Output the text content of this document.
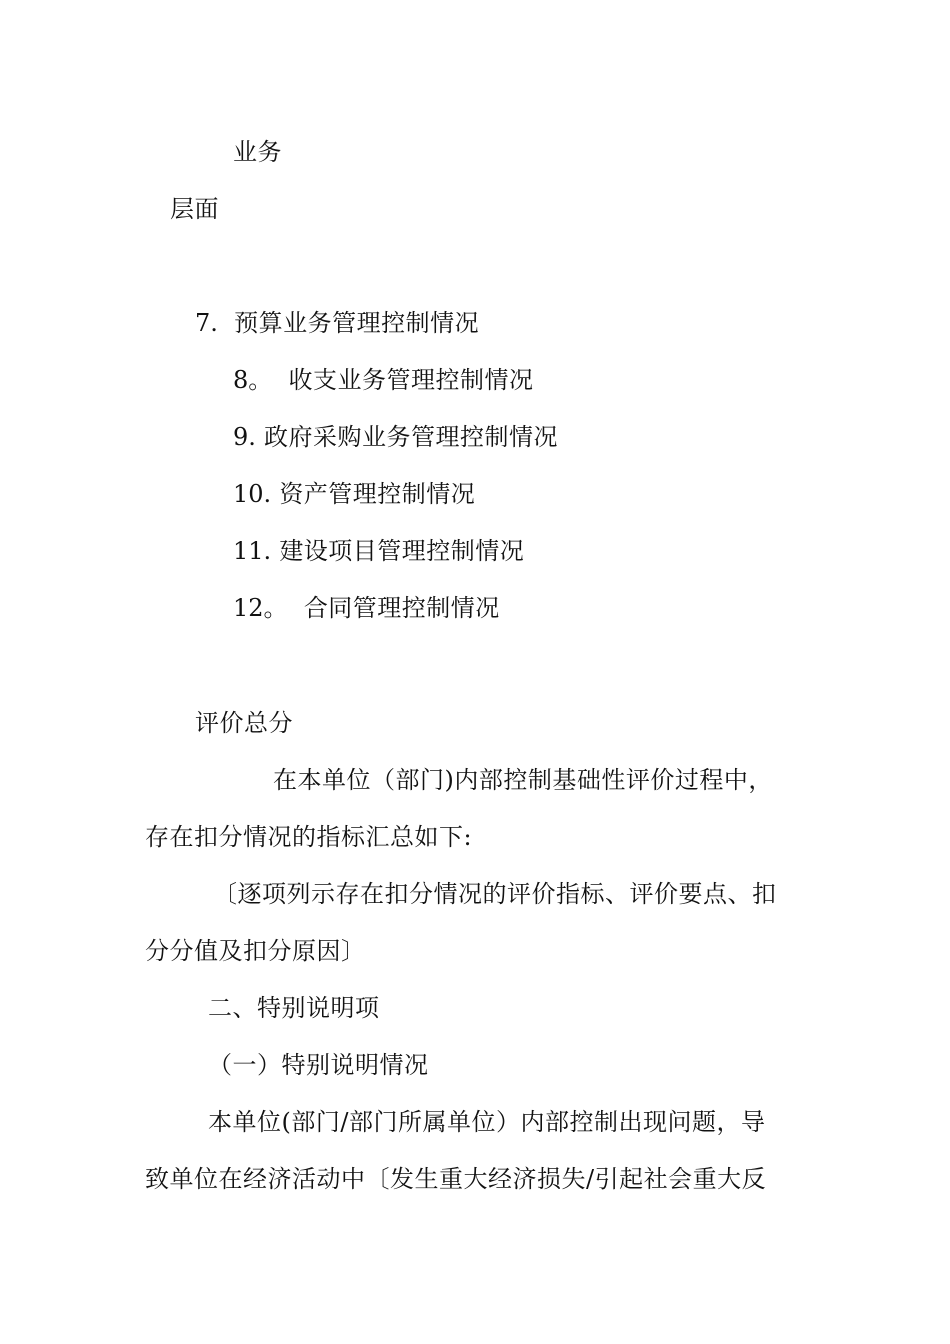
业务
层面
7. 预算业务管理控制情况
8。 收支业务管理控制情况
9. 政府采购业务管理控制情况
10. 资产管理控制情况
11. 建设项目管理控制情况
12。 合同管理控制情况
评价总分
在本单位（部门)内部控制基础性评价过程中，
存在扣分情况的指标汇总如下:
〔逐项列示存在扣分情况的评价指标、评价要点、扣
分分值及扣分原因〕
二、特别说明项
（一）特别说明情况
本单位(部门/部门所属单位）内部控制出现问题，导
致单位在经济活动中〔发生重大经济损失/引起社会重大反
